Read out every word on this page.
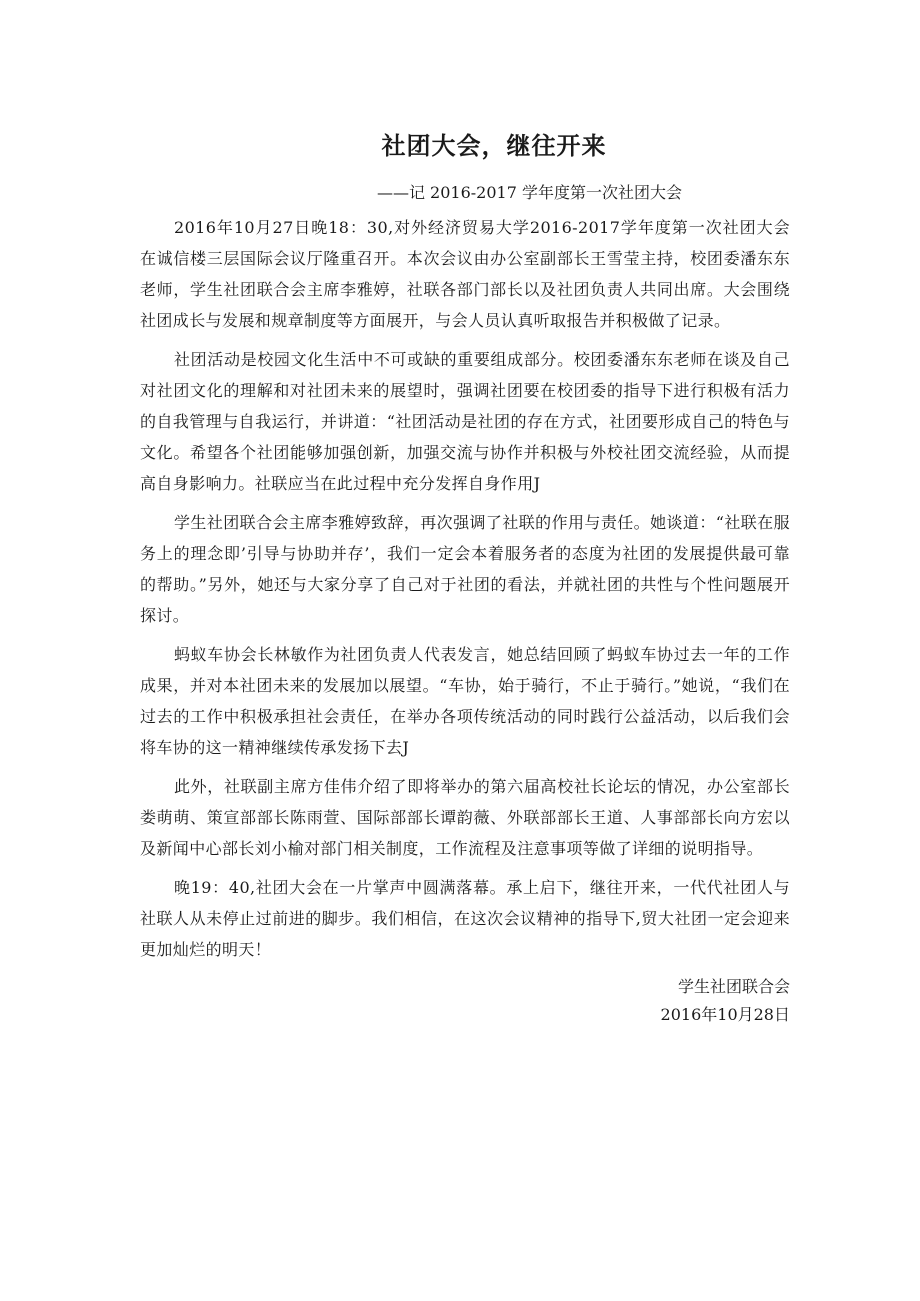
社团大会，继往开来
——记 2016-2017 学年度第一次社团大会

2016年10月27日晚18：30,对外经济贸易大学2016-2017学年度第一次社团大会在诚信楼三层国际会议厅隆重召开。本次会议由办公室副部长王雪莹主持，校团委潘东东老师，学生社团联合会主席李雅婷，社联各部门部长以及社团负责人共同出席。大会围绕社团成长与发展和规章制度等方面展开，与会人员认真听取报告并积极做了记录。

社团活动是校园文化生活中不可或缺的重要组成部分。校团委潘东东老师在谈及自己对社团文化的理解和对社团未来的展望时，强调社团要在校团委的指导下进行积极有活力的自我管理与自我运行，并讲道：“社团活动是社团的存在方式，社团要形成自己的特色与文化。希望各个社团能够加强创新，加强交流与协作并积极与外校社团交流经验，从而提高自身影响力。社联应当在此过程中充分发挥自身作用J

学生社团联合会主席李雅婷致辞，再次强调了社联的作用与责任。她谈道：“社联在服务上的理念即’引导与协助并存’，我们一定会本着服务者的态度为社团的发展提供最可靠的帮助。”另外，她还与大家分享了自己对于社团的看法，并就社团的共性与个性问题展开探讨。

蚂蚁车协会长林敏作为社团负责人代表发言，她总结回顾了蚂蚁车协过去一年的工作成果，并对本社团未来的发展加以展望。“车协，始于骑行，不止于骑行。”她说，“我们在过去的工作中积极承担社会责任，在举办各项传统活动的同时践行公益活动，以后我们会将车协的这一精神继续传承发扬下去J

此外，社联副主席方佳伟介绍了即将举办的第六届高校社长论坛的情况，办公室部长娄萌萌、策宣部部长陈雨萱、国际部部长谭韵薇、外联部部长王道、人事部部长向方宏以及新闻中心部长刘小榆对部门相关制度，工作流程及注意事项等做了详细的说明指导。

晚19：40,社团大会在一片掌声中圆满落幕。承上启下，继往开来，一代代社团人与社联人从未停止过前进的脚步。我们相信，在这次会议精神的指导下,贸大社团一定会迎来更加灿烂的明天！

学生社团联合会
2016年10月28日
